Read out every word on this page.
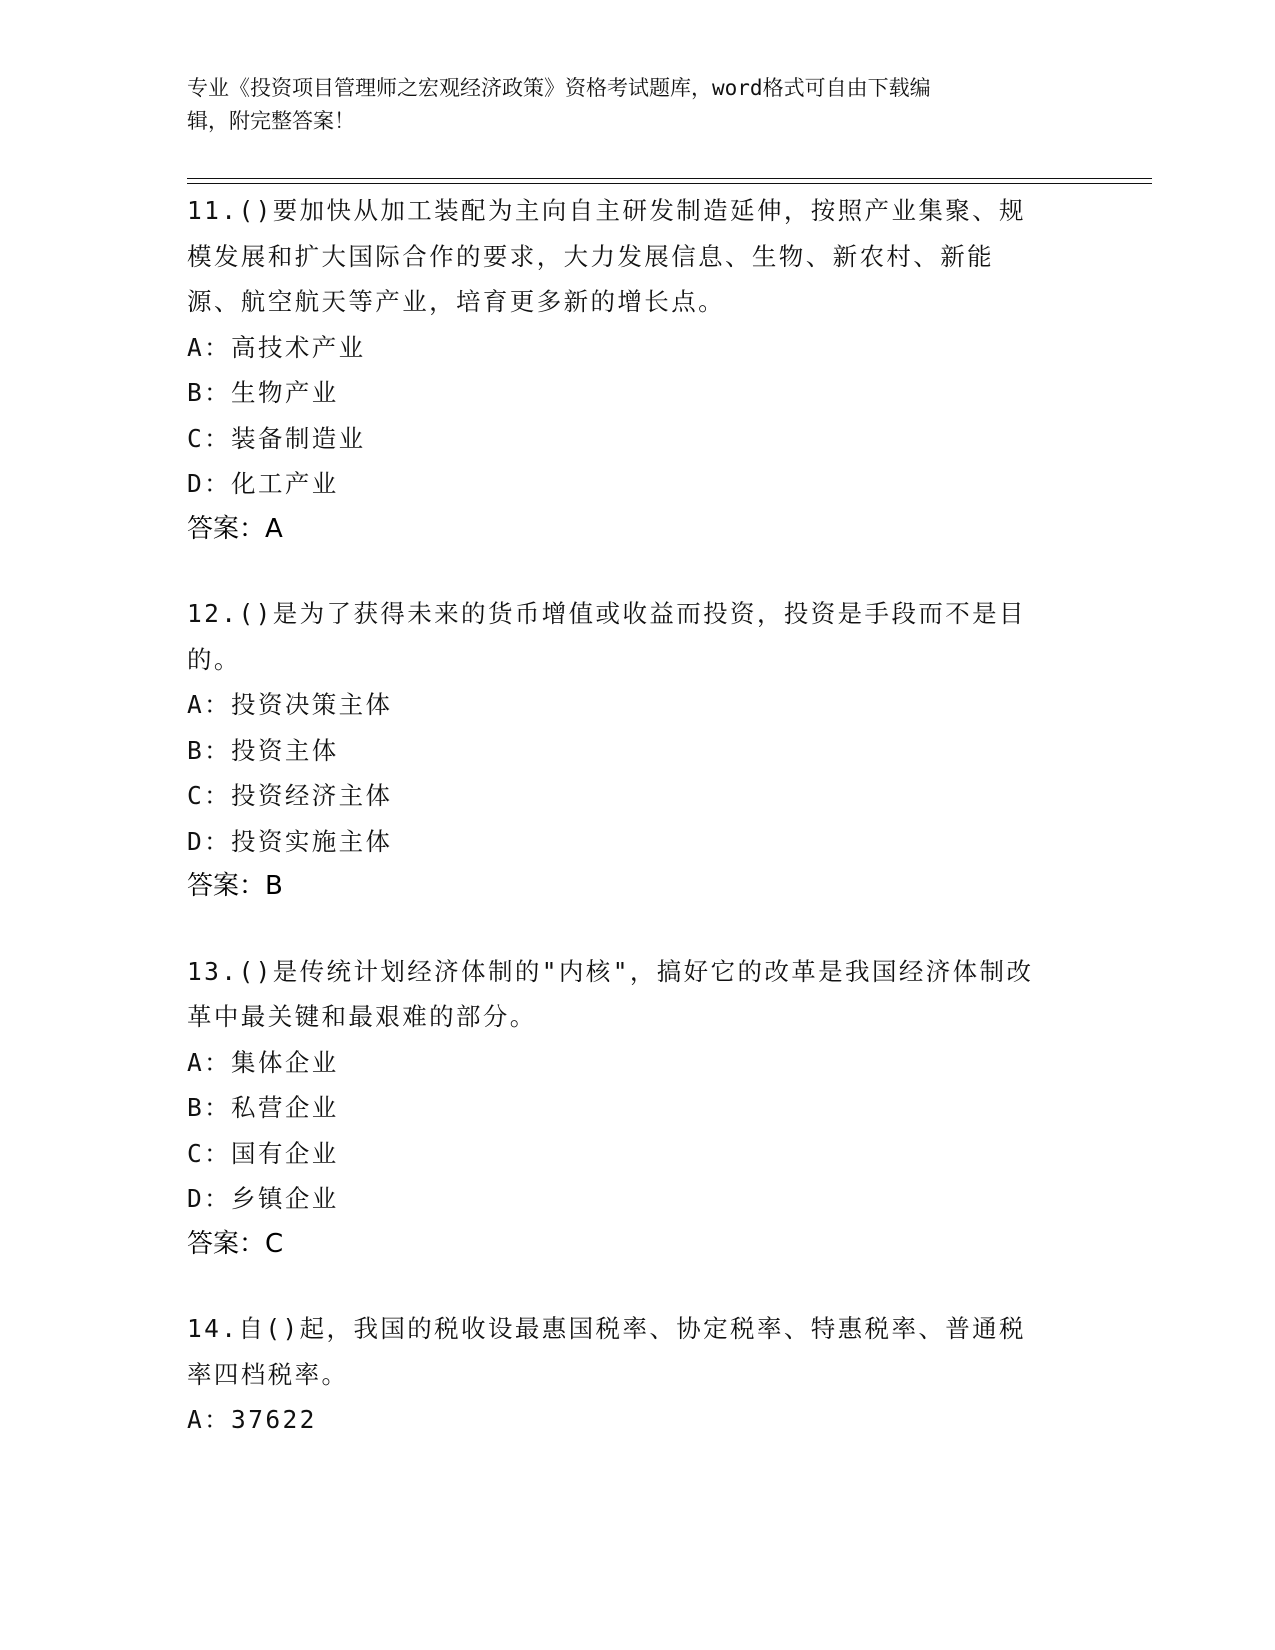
专业《投资项目管理师之宏观经济政策》资格考试题库，word格式可自由下载编
辑，附完整答案！
11.()要加快从加工装配为主向自主研发制造延伸，按照产业集聚、规
模发展和扩大国际合作的要求，大力发展信息、生物、新农村、新能
源、航空航天等产业，培育更多新的增长点。
A：高技术产业
B：生物产业
C：装备制造业
D：化工产业
答案：A
12.()是为了获得未来的货币增值或收益而投资，投资是手段而不是目
的。
A：投资决策主体
B：投资主体
C：投资经济主体
D：投资实施主体
答案：B
13.()是传统计划经济体制的"内核"，搞好它的改革是我国经济体制改
革中最关键和最艰难的部分。
A：集体企业
B：私营企业
C：国有企业
D：乡镇企业
答案：C
14.自()起，我国的税收设最惠国税率、协定税率、特惠税率、普通税
率四档税率。
A：37622
